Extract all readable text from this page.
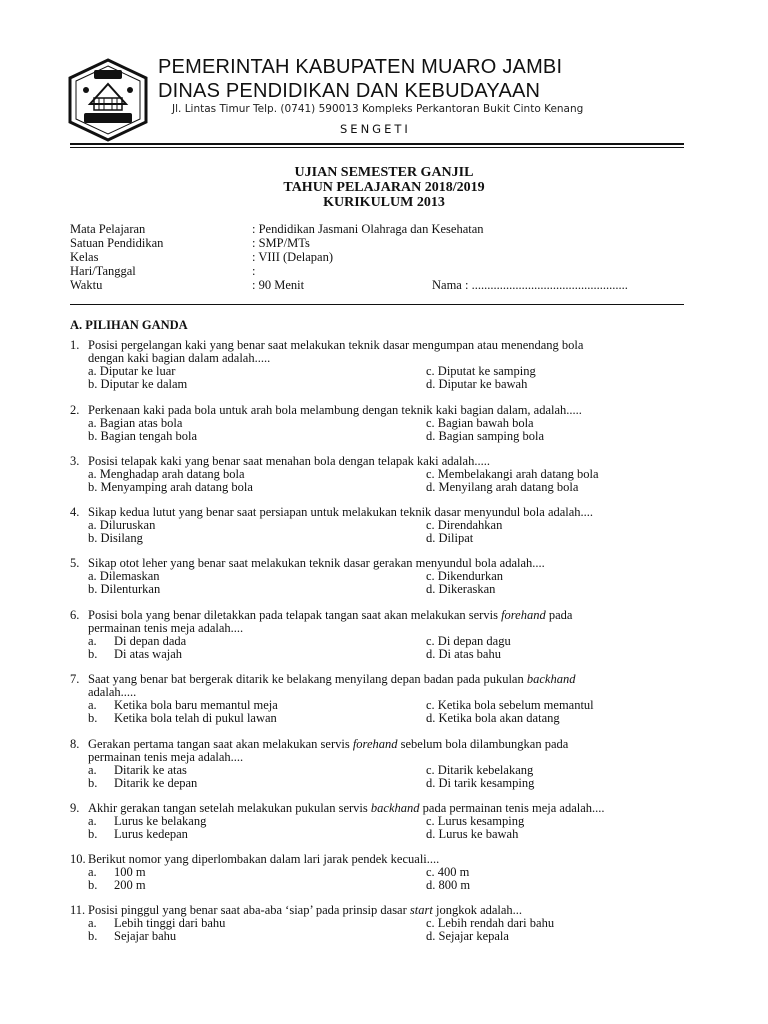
PEMERINTAH KABUPATEN MUARO JAMBI
DINAS PENDIDIKAN DAN KEBUDAYAAN
Jl. Lintas Timur Telp. (0741) 590013 Kompleks Perkantoran Bukit Cinto Kenang
SENGETI
UJIAN SEMESTER GANJIL
TAHUN PELAJARAN 2018/2019
KURIKULUM 2013
Mata Pelajaran	: Pendidikan Jasmani Olahraga dan Kesehatan
Satuan Pendidikan	: SMP/MTs
Kelas	: VIII (Delapan)
Hari/Tanggal	:
Waktu	: 90 Menit	Nama : ..................................................
A. PILIHAN GANDA
1. Posisi pergelangan kaki yang benar saat melakukan teknik dasar mengumpan atau menendang bola
dengan kaki bagian dalam adalah.....
a. Diputar ke luar
b. Diputar ke dalam
c. Diputat ke samping
d. Diputar ke bawah
2. Perkenaan kaki pada bola untuk arah bola melambung dengan teknik kaki bagian dalam, adalah.....
a. Bagian atas bola
b. Bagian tengah bola
c. Bagian bawah bola
d. Bagian samping bola
3. Posisi telapak kaki yang benar saat menahan bola dengan telapak kaki adalah.....
a. Menghadap arah datang bola
b. Menyamping arah datang bola
c. Membelakangi arah datang bola
d. Menyilang arah datang bola
4. Sikap kedua lutut yang benar saat persiapan untuk melakukan teknik dasar menyundul bola adalah....
a. Diluruskan
b. Disilang
c. Direndahkan
d. Dilipat
5. Sikap otot leher yang benar saat melakukan teknik dasar gerakan menyundul bola adalah....
a. Dilemaskan
b. Dilenturkan
c. Dikendurkan
d. Dikeraskan
6. Posisi bola yang benar diletakkan pada telapak tangan saat akan melakukan servis forehand pada
permainan tenis meja adalah....
a. Di depan dada
b. Di atas wajah
c. Di depan dagu
d. Di atas bahu
7. Saat yang benar bat bergerak ditarik ke belakang menyilang depan badan pada pukulan backhand
adalah.....
a. Ketika bola baru memantul meja
b. Ketika bola telah di pukul lawan
c. Ketika bola sebelum memantul
d. Ketika bola akan datang
8. Gerakan pertama tangan saat akan melakukan servis forehand sebelum bola dilambungkan pada
permainan tenis meja adalah....
a. Ditarik ke atas
b. Ditarik ke depan
c. Ditarik kebelakang
d. Di tarik kesamping
9. Akhir gerakan tangan setelah melakukan pukulan servis backhand pada permainan tenis meja adalah....
a. Lurus ke belakang
b. Lurus kedepan
c. Lurus kesamping
d. Lurus ke bawah
10. Berikut nomor yang diperlombakan dalam lari jarak pendek kecuali....
a. 100 m
b. 200 m
c. 400 m
d. 800 m
11. Posisi pinggul yang benar saat aba-aba ‘siap’ pada prinsip dasar start jongkok adalah...
a. Lebih tinggi dari bahu
b. Sejajar bahu
c. Lebih rendah dari bahu
d. Sejajar kepala
